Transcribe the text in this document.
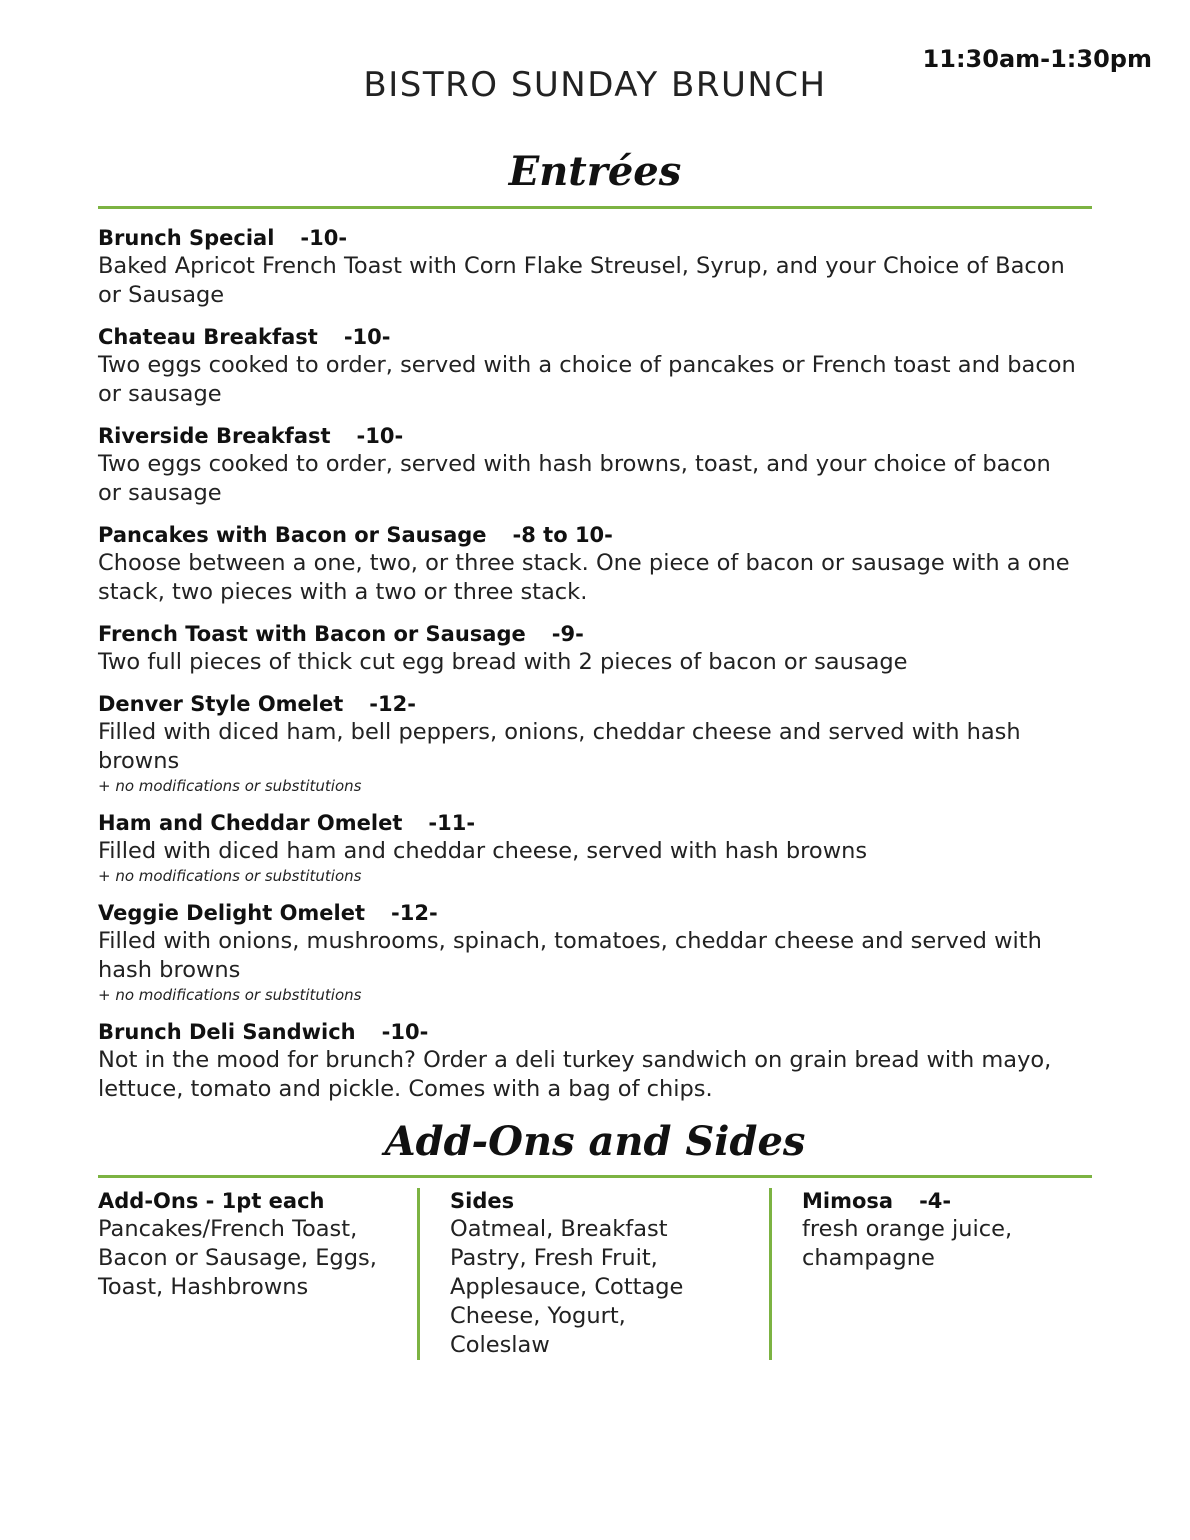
11:30am-1:30pm
BISTRO SUNDAY BRUNCH
Entrées
Brunch Special -10-
Baked Apricot French Toast with Corn Flake Streusel, Syrup, and your Choice of Bacon or Sausage
Chateau Breakfast -10-
Two eggs cooked to order, served with a choice of pancakes or French toast and bacon or sausage
Riverside Breakfast -10-
Two eggs cooked to order, served with hash browns, toast, and your choice of bacon or sausage
Pancakes with Bacon or Sausage -8 to 10-
Choose between a one, two, or three stack. One piece of bacon or sausage with a one stack, two pieces with a two or three stack.
French Toast with Bacon or Sausage -9-
Two full pieces of thick cut egg bread with 2 pieces of bacon or sausage
Denver Style Omelet -12-
Filled with diced ham, bell peppers, onions, cheddar cheese and served with hash browns
+ no modifications or substitutions
Ham and Cheddar Omelet -11-
Filled with diced ham and cheddar cheese, served with hash browns
+ no modifications or substitutions
Veggie Delight Omelet -12-
Filled with onions, mushrooms, spinach, tomatoes, cheddar cheese and served with hash browns
+ no modifications or substitutions
Brunch Deli Sandwich -10-
Not in the mood for brunch? Order a deli turkey sandwich on grain bread with mayo, lettuce, tomato and pickle. Comes with a bag of chips.
Add-Ons and Sides
Add-Ons - 1pt each
Pancakes/French Toast, Bacon or Sausage, Eggs, Toast, Hashbrowns
Sides
Oatmeal, Breakfast Pastry, Fresh Fruit, Applesauce, Cottage Cheese, Yogurt, Coleslaw
Mimosa -4-
fresh orange juice, champagne
